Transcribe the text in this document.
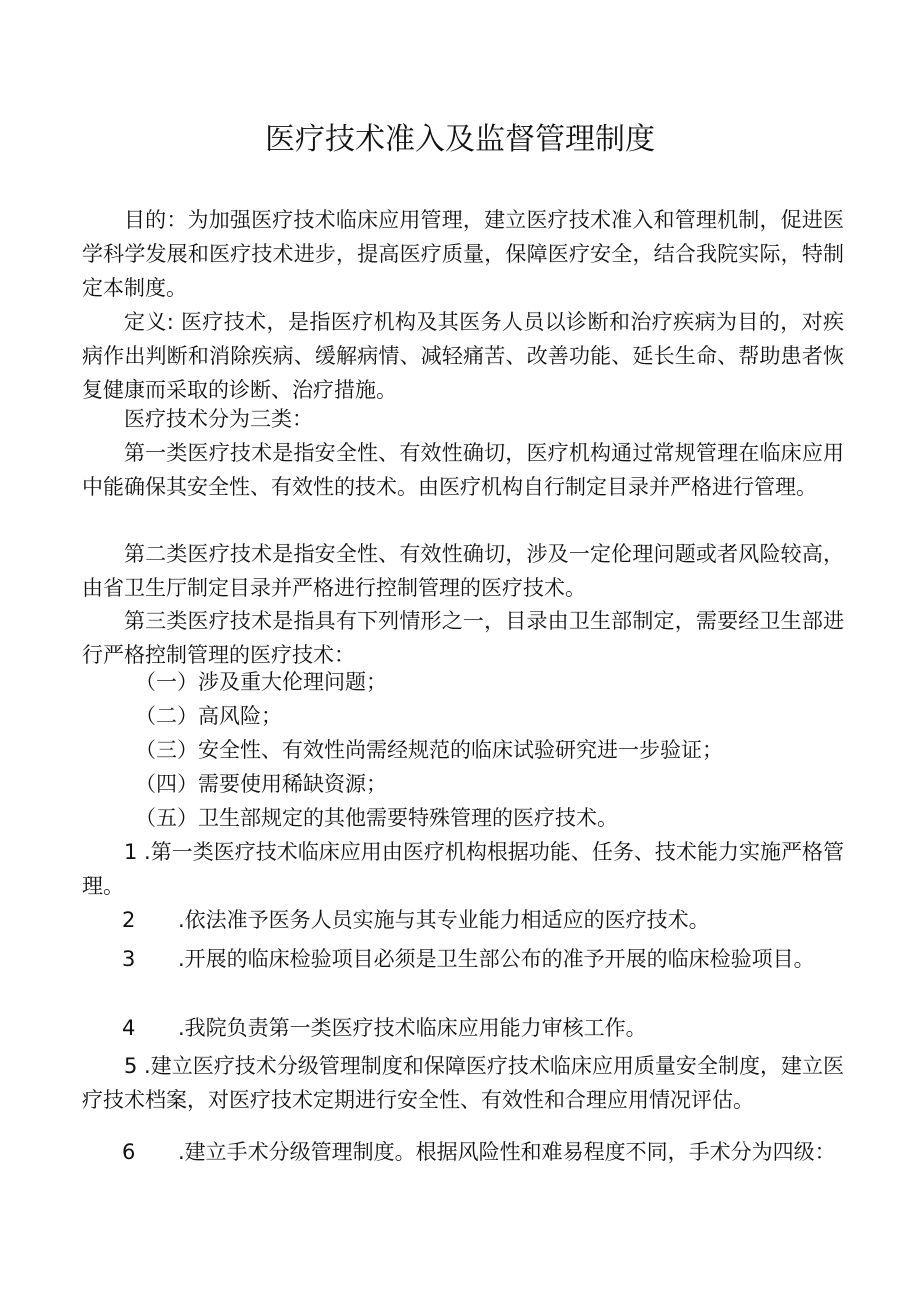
医疗技术准入及监督管理制度
目的：为加强医疗技术临床应用管理，建立医疗技术准入和管理机制，促进医学科学发展和医疗技术进步，提高医疗质量，保障医疗安全，结合我院实际，特制定本制度。
定义: 医疗技术，是指医疗机构及其医务人员以诊断和治疗疾病为目的，对疾病作出判断和消除疾病、缓解病情、减轻痛苦、改善功能、延长生命、帮助患者恢复健康而采取的诊断、治疗措施。
医疗技术分为三类：
第一类医疗技术是指安全性、有效性确切，医疗机构通过常规管理在临床应用中能确保其安全性、有效性的技术。由医疗机构自行制定目录并严格进行管理。
第二类医疗技术是指安全性、有效性确切，涉及一定伦理问题或者风险较高，由省卫生厅制定目录并严格进行控制管理的医疗技术。
第三类医疗技术是指具有下列情形之一，目录由卫生部制定，需要经卫生部进行严格控制管理的医疗技术：
（一）涉及重大伦理问题；
（二）高风险；
（三）安全性、有效性尚需经规范的临床试验研究进一步验证；
（四）需要使用稀缺资源；
（五）卫生部规定的其他需要特殊管理的医疗技术。
1 .第一类医疗技术临床应用由医疗机构根据功能、任务、技术能力实施严格管理。
2 .依法准予医务人员实施与其专业能力相适应的医疗技术。
3 .开展的临床检验项目必须是卫生部公布的准予开展的临床检验项目。
4 .我院负责第一类医疗技术临床应用能力审核工作。
5 .建立医疗技术分级管理制度和保障医疗技术临床应用质量安全制度，建立医疗技术档案，对医疗技术定期进行安全性、有效性和合理应用情况评估。
6 .建立手术分级管理制度。根据风险性和难易程度不同，手术分为四级：
